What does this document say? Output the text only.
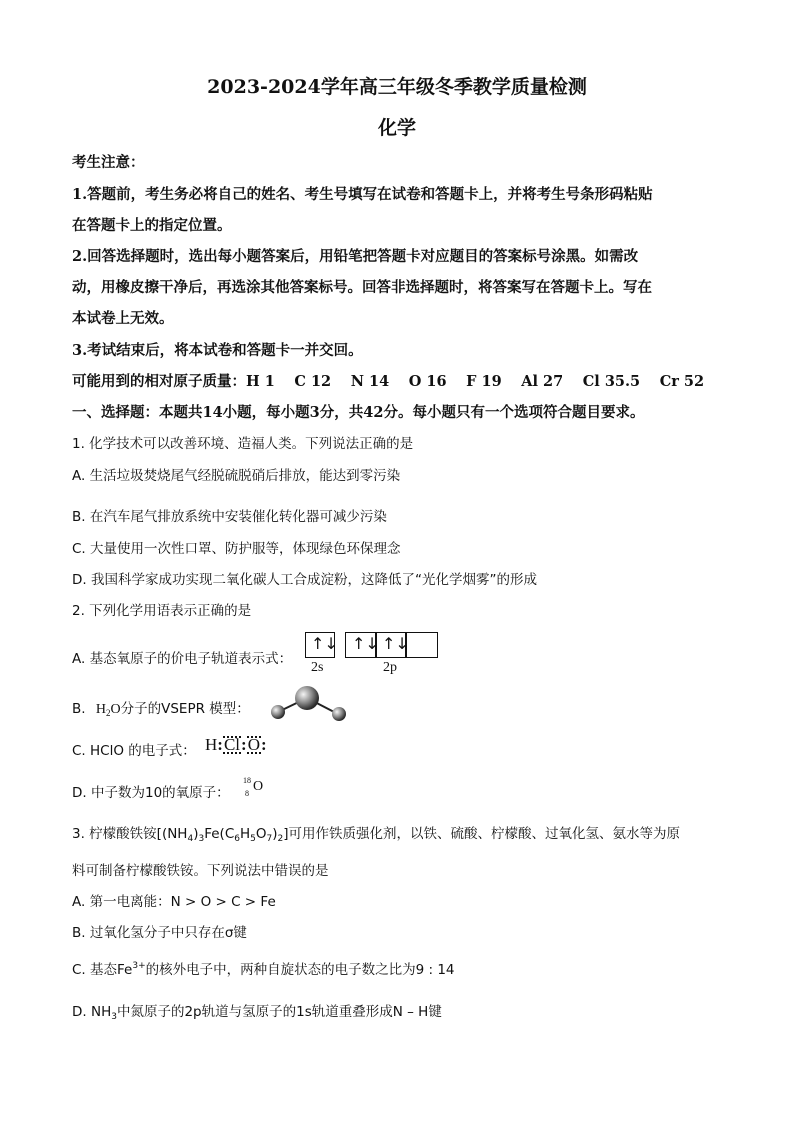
2023-2024学年高三年级冬季教学质量检测
化学
考生注意：
1.答题前，考生务必将自己的姓名、考生号填写在试卷和答题卡上，并将考生号条形码粘贴
在答题卡上的指定位置。
2.回答选择题时，选出每小题答案后，用铅笔把答题卡对应题目的答案标号涂黑。如需改
动，用橡皮擦干净后，再选涂其他答案标号。回答非选择题时，将答案写在答题卡上。写在
本试卷上无效。
3.考试结束后，将本试卷和答题卡一并交回。
可能用到的相对原子质量：H 1　 C 12　 N 14　 O 16　 F 19　 Al 27　 Cl 35.5　 Cr 52
一、选择题：本题共14小题，每小题3分，共42分。每小题只有一个选项符合题目要求。
1. 化学技术可以改善环境、造福人类。下列说法正确的是
A. 生活垃圾焚烧尾气经脱硫脱硝后排放，能达到零污染
B. 在汽车尾气排放系统中安装催化转化器可减少污染
C. 大量使用一次性口罩、防护服等，体现绿色环保理念
D. 我国科学家成功实现二氧化碳人工合成淀粉，这降低了“光化学烟雾”的形成
2. 下列化学用语表示正确的是
A. 基态氧原子的价电子轨道表示式：
↑↓ ↑↓ ↑↓
2s	2p
B. $H_2O$分子的VSEPR 模型：
C. HClO 的电子式： H:Cl:O:
D. 中子数为10的氧原子：
18
8 O
3. 柠檬酸铁铵$[(NH_4)_3Fe(C_6H_5O_7)_2]$可用作铁质强化剂，以铁、硫酸、柠檬酸、过氧化氢、氨水等为原
料可制备柠檬酸铁铵。下列说法中错误的是
A. 第一电离能：N > O > C > Fe
B. 过氧化氢分子中只存在σ键
C. 基态$Fe^{3+}$的核外电子中，两种自旋状态的电子数之比为9 : 14
D. $NH_3$中氮原子的2p轨道与氢原子的1s轨道重叠形成N – H键
